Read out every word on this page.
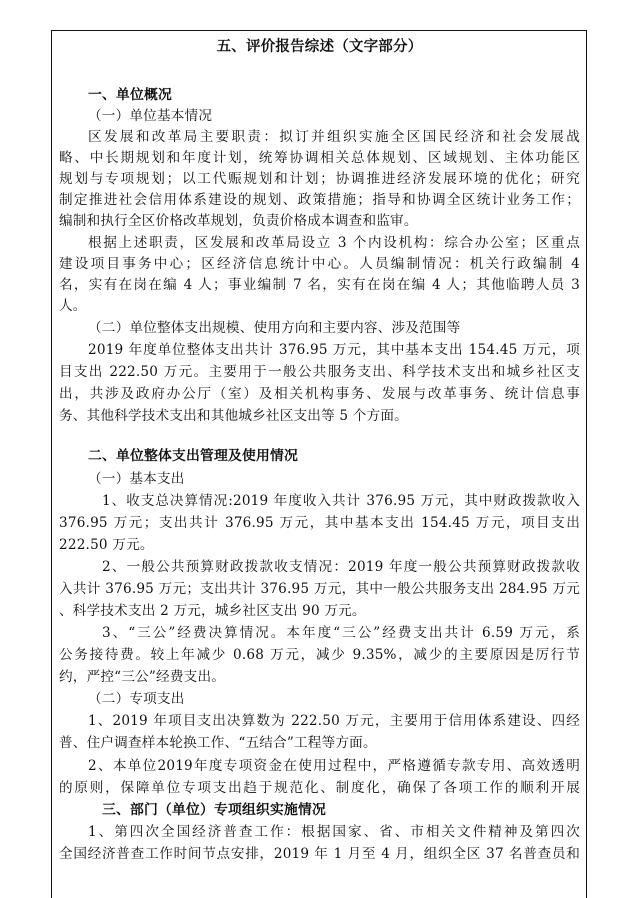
五、评价报告综述（文字部分）
一、单位概况
（一）单位基本情况
区发展和改革局主要职责：拟订并组织实施全区国民经济和社会发展战
略、中长期规划和年度计划，统筹协调相关总体规划、区域规划、主体功能区
规划与专项规划；以工代赈规划和计划；协调推进经济发展环境的优化；研究
制定推进社会信用体系建设的规划、政策措施；指导和协调全区统计业务工作；
编制和执行全区价格改革规划，负责价格成本调查和监审。
根据上述职责，区发展和改革局设立 3 个内设机构：综合办公室；区重点
建设项目事务中心；区经济信息统计中心。人员编制情况：机关行政编制 4
名，实有在岗在编 4 人；事业编制 7 名，实有在岗在编 4 人；其他临聘人员 3
人。
（二）单位整体支出规模、使用方向和主要内容、涉及范围等
2019 年度单位整体支出共计 376.95 万元，其中基本支出 154.45 万元，项
目支出 222.50 万元。主要用于一般公共服务支出、科学技术支出和城乡社区支
出，共涉及政府办公厅（室）及相关机构事务、发展与改革事务、统计信息事
务、其他科学技术支出和其他城乡社区支出等 5 个方面。
二、单位整体支出管理及使用情况
（一）基本支出
1、收支总决算情况:2019 年度收入共计 376.95 万元，其中财政拨款收入
376.95 万元；支出共计 376.95 万元，其中基本支出 154.45 万元，项目支出
222.50 万元。
2、一般公共预算财政拨款收支情况：2019 年度一般公共预算财政拨款收
入共计 376.95 万元；支出共计 376.95 万元，其中一般公共服务支出 284.95 万元
、科学技术支出 2 万元，城乡社区支出 90 万元。
3、“三公”经费决算情况。本年度“三公”经费支出共计 6.59 万元，系
公务接待费。较上年减少 0.68 万元，减少 9.35%，减少的主要原因是厉行节
约，严控“三公”经费支出。
（二）专项支出
1、2019 年项目支出决算数为 222.50 万元，主要用于信用体系建设、四经
普、住户调查样本轮换工作、“五结合”工程等方面。
2、本单位2019年度专项资金在使用过程中，严格遵循专款专用、高效透明
的原则，保障单位专项支出趋于规范化、制度化，确保了各项工作的顺利开展
三、部门（单位）专项组织实施情况
1、第四次全国经济普查工作：根据国家、省、市相关文件精神及第四次
全国经济普查工作时间节点安排，2019 年 1 月至 4 月，组织全区 37 名普查员和
